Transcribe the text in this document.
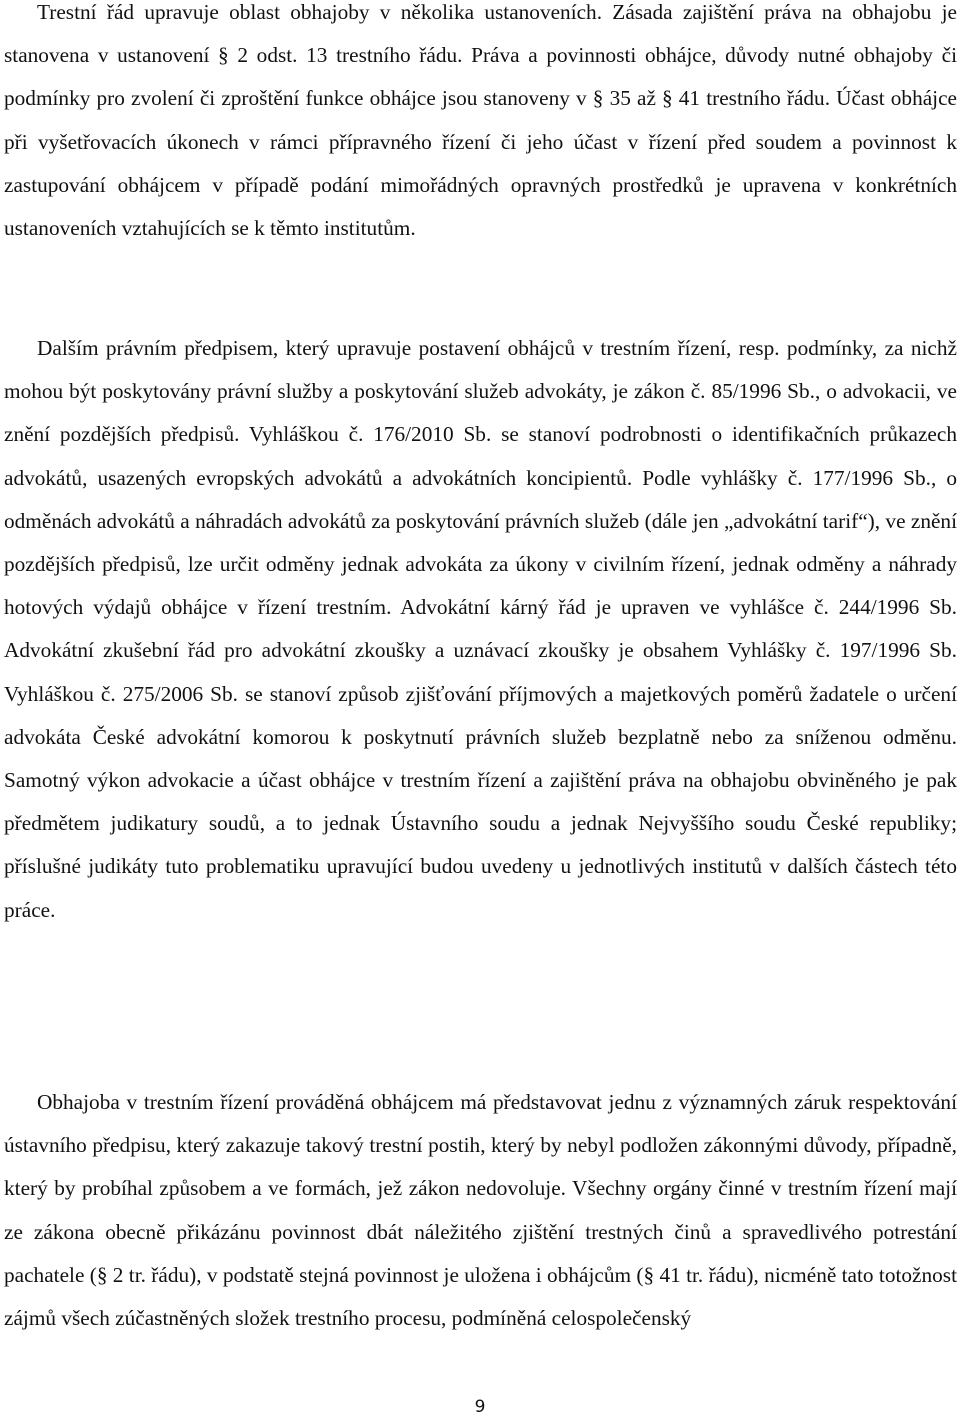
Trestní řád upravuje oblast obhajoby v několika ustanoveních. Zásada zajištění práva na obhajobu je stanovena v ustanovení § 2 odst. 13 trestního řádu. Práva a povinnosti obhájce, důvody nutné obhajoby či podmínky pro zvolení či zproštění funkce obhájce jsou stanoveny v § 35 až § 41 trestního řádu. Účast obhájce při vyšetřovacích úkonech v rámci přípravného řízení či jeho účast v řízení před soudem a povinnost k zastupování obhájcem v případě podání mimořádných opravných prostředků je upravena v konkrétních ustanoveních vztahujících se k těmto institutům.

Dalším právním předpisem, který upravuje postavení obhájců v trestním řízení, resp. podmínky, za nichž mohou být poskytovány právní služby a poskytování služeb advokáty, je zákon č. 85/1996 Sb., o advokacii, ve znění pozdějších předpisů. Vyhláškou č. 176/2010 Sb. se stanoví podrobnosti o identifikačních průkazech advokátů, usazených evropských advokátů a advokátních koncipientů. Podle vyhlášky č. 177/1996 Sb., o odměnách advokátů a náhradách advokátů za poskytování právních služeb (dále jen „advokátní tarif“), ve znění pozdějších předpisů, lze určit odměny jednak advokáta za úkony v civilním řízení, jednak odměny a náhrady hotových výdajů obhájce v řízení trestním. Advokátní kárný řád je upraven ve vyhlášce č. 244/1996 Sb. Advokátní zkušební řád pro advokátní zkoušky a uznávací zkoušky je obsahem Vyhlášky č. 197/1996 Sb. Vyhláškou č. 275/2006 Sb. se stanoví způsob zjišťování příjmových a majetkových poměrů žadatele o určení advokáta České advokátní komorou k poskytnutí právních služeb bezplatně nebo za sníženou odměnu. Samotný výkon advokacie a účast obhájce v trestním řízení a zajištění práva na obhajobu obviněného je pak předmětem judikatury soudů, a to jednak Ústavního soudu a jednak Nejvyššího soudu České republiky; příslušné judikáty tuto problematiku upravující budou uvedeny u jednotlivých institutů v dalších částech této práce.

Obhajoba v trestním řízení prováděná obhájcem má představovat jednu z významných záruk respektování ústavního předpisu, který zakazuje takový trestní postih, který by nebyl podložen zákonnými důvody, případně, který by probíhal způsobem a ve formách, jež zákon nedovoluje. Všechny orgány činné v trestním řízení mají ze zákona obecně přikázánu povinnost dbát náležitého zjištění trestných činů a spravedlivého potrestání pachatele (§ 2 tr. řádu), v podstatě stejná povinnost je uložena i obhájcům (§ 41 tr. řádu), nicméně tato totožnost zájmů všech zúčastněných složek trestního procesu, podmíněná celospolečenský

9
